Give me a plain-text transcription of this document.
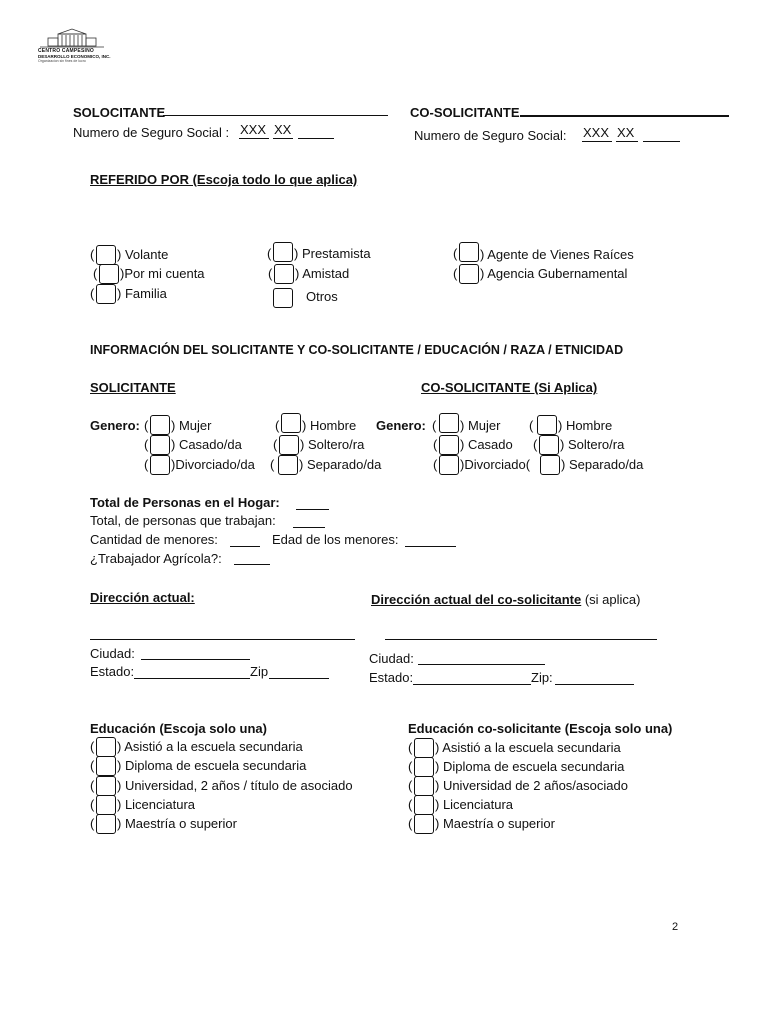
CENTRO CAMPESINO
DESARROLLO ECONOMICO, INC.
Organizacion sin fines de lucro
SOLOCITANTE	CO-SOLICITANTE
Numero de Seguro Social : XXX XX	Numero de Seguro Social: XXX XX
REFERIDO POR (Escoja todo lo que aplica)
( ) Volante
( )Por mi cuenta
( ) Familia
( ) Prestamista
( ) Amistad
Otros
( ) Agente de Vienes Raíces
( ) Agencia Gubernamental
INFORMACIÓN DEL SOLICITANTE Y CO-SOLICITANTE / EDUCACIÓN / RAZA / ETNICIDAD
SOLICITANTE	CO-SOLICITANTE (Si Aplica)
Genero: ( ) Mujer	( ) Hombre
( ) Casado/da ( ) Soltero/ra
( )Divorciado/da ( ) Separado/da
Genero: ( ) Mujer ( ) Hombre
( ) Casado ( ) Soltero/ra
( )Divorciado( ) Separado/da
Total de Personas en el Hogar:
Total, de personas que trabajan:
Cantidad de menores:	Edad de los menores:
¿Trabajador Agrícola?:
Dirección actual:	Dirección actual del co-solicitante (si aplica)
Ciudad:
Estado:	Zip
Ciudad:
Estado:	Zip:
Educación (Escoja solo una)	Educación co-solicitante (Escoja solo una)
( ) Asistió a la escuela secundaria
( ) Diploma de escuela secundaria
( ) Universidad, 2 años / título de asociado
( ) Licenciatura
( ) Maestría o superior
( ) Asistió a la escuela secundaria
( ) Diploma de escuela secundaria
( ) Universidad de 2 años/asociado
( ) Licenciatura
( ) Maestría o superior
2
